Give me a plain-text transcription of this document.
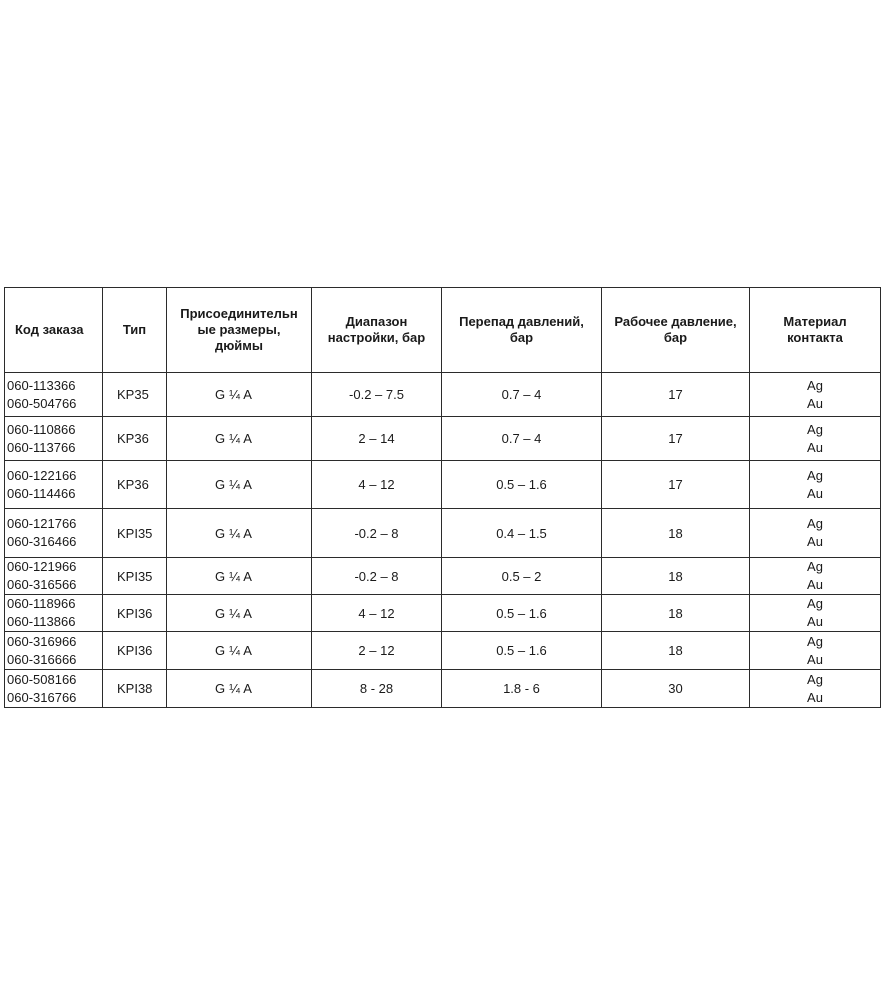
Код заказа	Тип	Присоединительн
ые размеры,
дюймы	Диапазон
настройки, бар	Перепад давлений,
бар	Рабочее давление,
бар	Материал
контакта

060-113366
060-504766	KP35	G ¼ A	-0.2 – 7.5	0.7 – 4	17	Ag
Au

060-110866
060-113766	KP36	G ¼ A	2 – 14	0.7 – 4	17	Ag
Au

060-122166
060-114466	KP36	G ¼ A	4 – 12	0.5 – 1.6	17	Ag
Au

060-121766
060-316466	KPI35	G ¼ A	-0.2 – 8	0.4 – 1.5	18	Ag
Au

060-121966
060-316566	KPI35	G ¼ A	-0.2 – 8	0.5 – 2	18	Ag
Au

060-118966
060-113866	KPI36	G ¼ A	4 – 12	0.5 – 1.6	18	Ag
Au

060-316966
060-316666	KPI36	G ¼ A	2 – 12	0.5 – 1.6	18	Ag
Au

060-508166
060-316766	KPI38	G ¼ A	8 - 28	1.8 - 6	30	Ag
Au
